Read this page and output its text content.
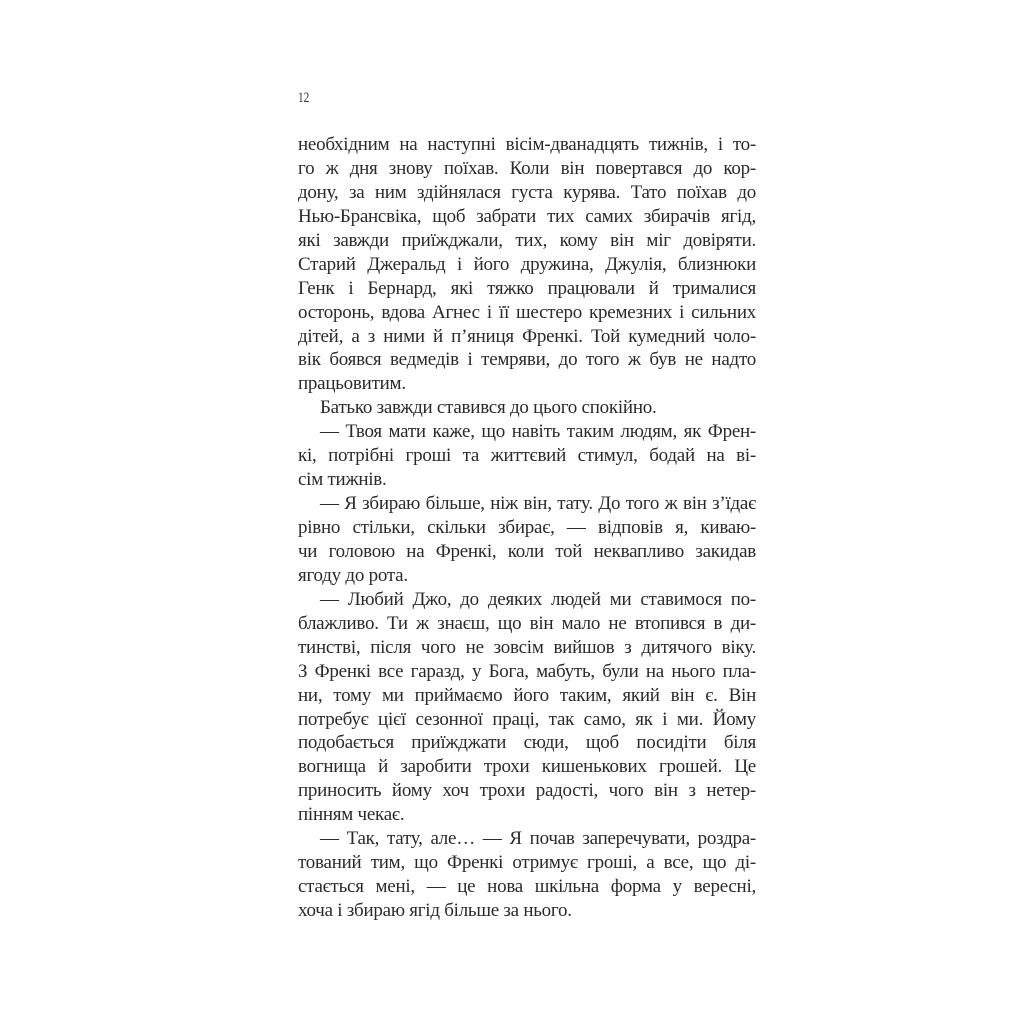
12
необхідним на наступні вісім-дванадцять тижнів, і то-
го ж дня знову поїхав. Коли він повертався до кор-
дону, за ним здійнялася густа курява. Тато поїхав до
Нью-Брансвіка, щоб забрати тих самих збирачів ягід,
які завжди приїжджали, тих, кому він міг довіряти.
Старий Джеральд і його дружина, Джулія, близнюки
Генк і Бернард, які тяжко працювали й трималися
осторонь, вдова Агнес і її шестеро кремезних і сильних
дітей, а з ними й п’яниця Френкі. Той кумедний чоло-
вік боявся ведмедів і темряви, до того ж був не надто
працьовитим.
Батько завжди ставився до цього спокійно.
— Твоя мати каже, що навіть таким людям, як Френ-
кі, потрібні гроші та життєвий стимул, бодай на ві-
сім тижнів.
— Я збираю більше, ніж він, тату. До того ж він з’їдає
рівно стільки, скільки збирає, — відповів я, киваю-
чи головою на Френкі, коли той неквапливо закидав
ягоду до рота.
— Любий Джо, до деяких людей ми ставимося по-
блажливо. Ти ж знаєш, що він мало не втопився в ди-
тинстві, після чого не зовсім вийшов з дитячого віку.
З Френкі все гаразд, у Бога, мабуть, були на нього пла-
ни, тому ми приймаємо його таким, який він є. Він
потребує цієї сезонної праці, так само, як і ми. Йому
подобається приїжджати сюди, щоб посидіти біля
вогнища й заробити трохи кишенькових грошей. Це
приносить йому хоч трохи радості, чого він з нетер-
пінням чекає.
— Так, тату, але… — Я почав заперечувати, роздра-
тований тим, що Френкі отримує гроші, а все, що ді-
стається мені, — це нова шкільна форма у вересні,
хоча і збираю ягід більше за нього.
